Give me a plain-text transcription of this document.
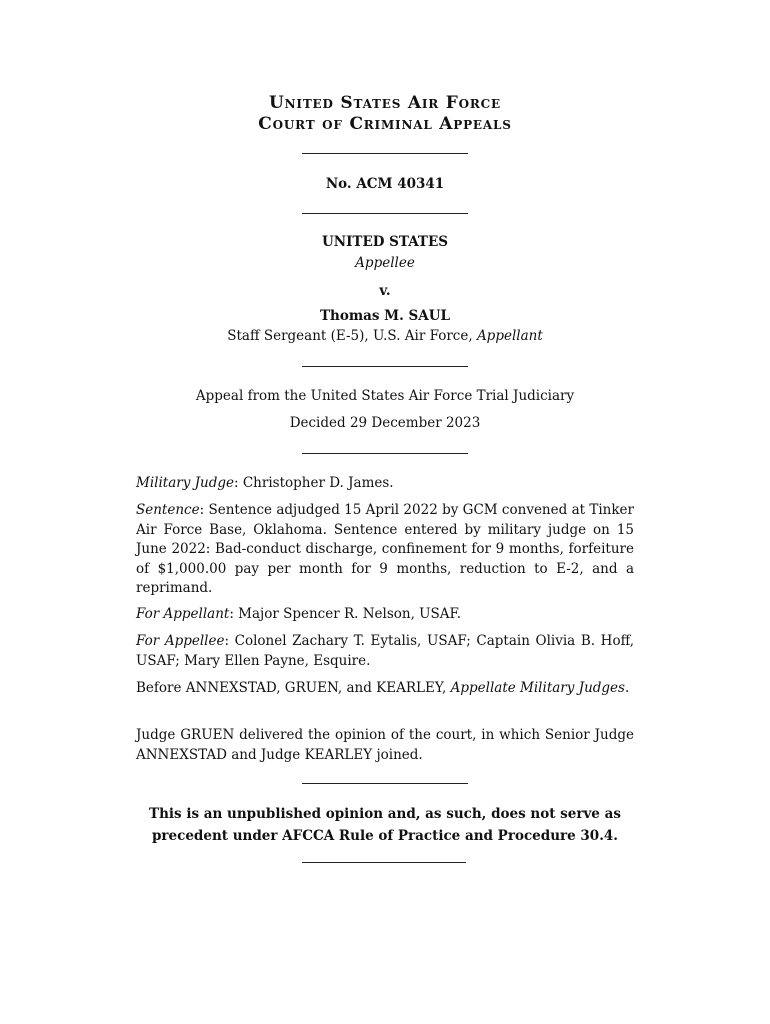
United States Air Force
Court of Criminal Appeals
No. ACM 40341
UNITED STATES
Appellee
v.
Thomas M. SAUL
Staff Sergeant (E-5), U.S. Air Force, Appellant
Appeal from the United States Air Force Trial Judiciary
Decided 29 December 2023
Military Judge: Christopher D. James.
Sentence: Sentence adjudged 15 April 2022 by GCM convened at Tinker Air Force Base, Oklahoma. Sentence entered by military judge on 15 June 2022: Bad-conduct discharge, confinement for 9 months, forfeiture of $1,000.00 pay per month for 9 months, reduction to E-2, and a reprimand.
For Appellant: Major Spencer R. Nelson, USAF.
For Appellee: Colonel Zachary T. Eytalis, USAF; Captain Olivia B. Hoff, USAF; Mary Ellen Payne, Esquire.
Before ANNEXSTAD, GRUEN, and KEARLEY, Appellate Military Judges.
Judge GRUEN delivered the opinion of the court, in which Senior Judge ANNEXSTAD and Judge KEARLEY joined.
This is an unpublished opinion and, as such, does not serve as
precedent under AFCCA Rule of Practice and Procedure 30.4.
